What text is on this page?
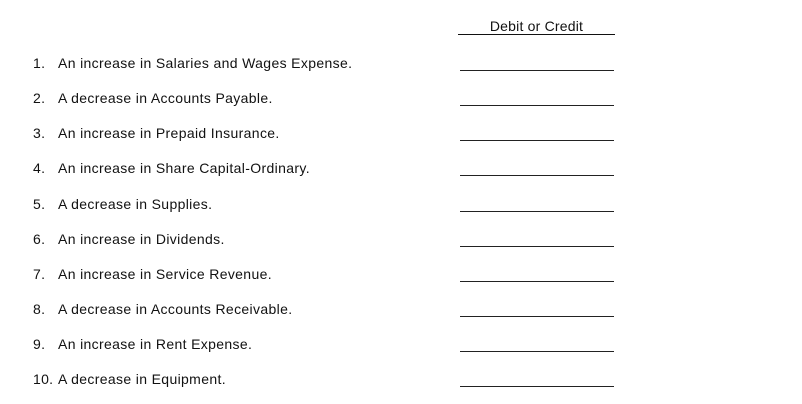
Debit or Credit
1. An increase in Salaries and Wages Expense.
2. A decrease in Accounts Payable.
3. An increase in Prepaid Insurance.
4. An increase in Share Capital-Ordinary.
5. A decrease in Supplies.
6. An increase in Dividends.
7. An increase in Service Revenue.
8. A decrease in Accounts Receivable.
9. An increase in Rent Expense.
10. A decrease in Equipment.
